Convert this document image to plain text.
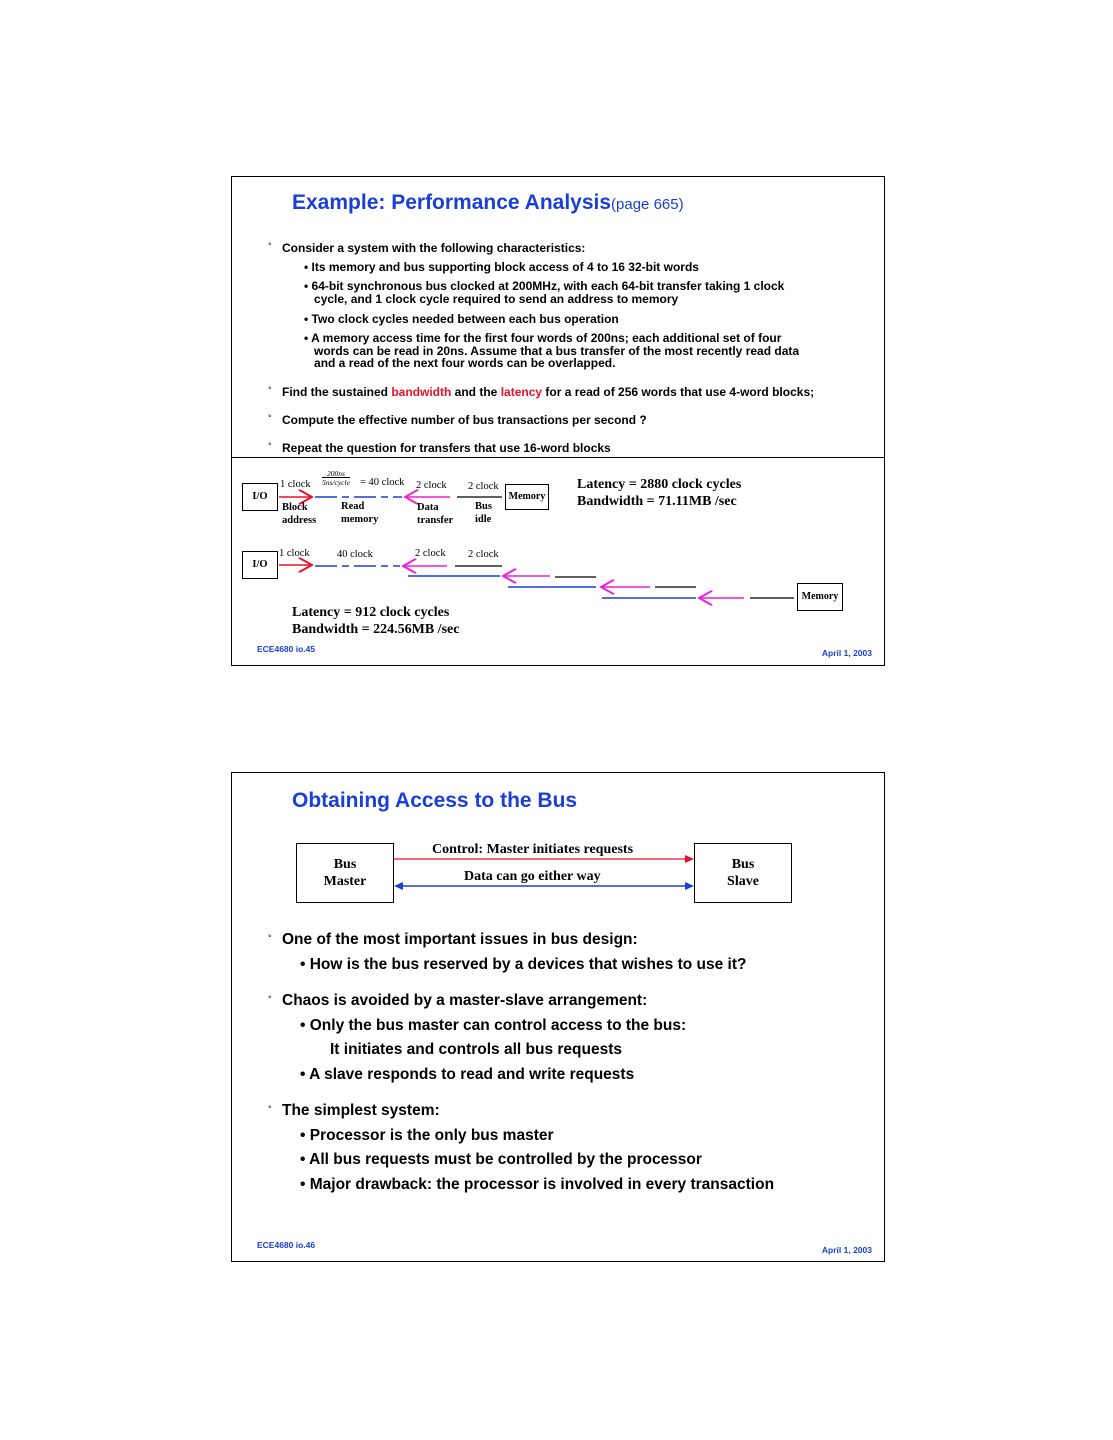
Example: Performance Analysis(page 665)
° Consider a system with the following characteristics:
• Its memory and bus supporting block access of 4 to 16 32-bit words
• 64-bit synchronous bus clocked at 200MHz, with each 64-bit transfer taking 1 clock
cycle, and 1 clock cycle required to send an address to memory
• Two clock cycles needed between each bus operation
• A memory access time for the first four words of 200ns; each additional set of four
words can be read in 20ns. Assume that a bus transfer of the most recently read data
and a read of the next four words can be overlapped.
° Find the sustained bandwidth and the latency for a read of 256 words that use 4-word blocks;
° Compute the effective number of bus transactions per second ?
° Repeat the question for transfers that use 16-word blocks
I/O	Memory
1 clock
200ns
5ns/cycle = 40 clock 2 clock 2 clock
Block
address
Read
memory
Data
transfer
Bus
idle
Latency = 2880 clock cycles
Bandwidth = 71.11MB /sec
I/O
Memory
1 clock	40 clock	2 clock 2 clock
Latency = 912 clock cycles
Bandwidth = 224.56MB /sec
ECE4680 io.45	April 1, 2003
Obtaining Access to the Bus
Bus
Master
Bus
Slave
Control: Master initiates requests
Data can go either way
° One of the most important issues in bus design:
• How is the bus reserved by a devices that wishes to use it?
° Chaos is avoided by a master-slave arrangement:
• Only the bus master can control access to the bus:
It initiates and controls all bus requests
• A slave responds to read and write requests
° The simplest system:
• Processor is the only bus master
• All bus requests must be controlled by the processor
• Major drawback: the processor is involved in every transaction
ECE4680 io.46	April 1, 2003
